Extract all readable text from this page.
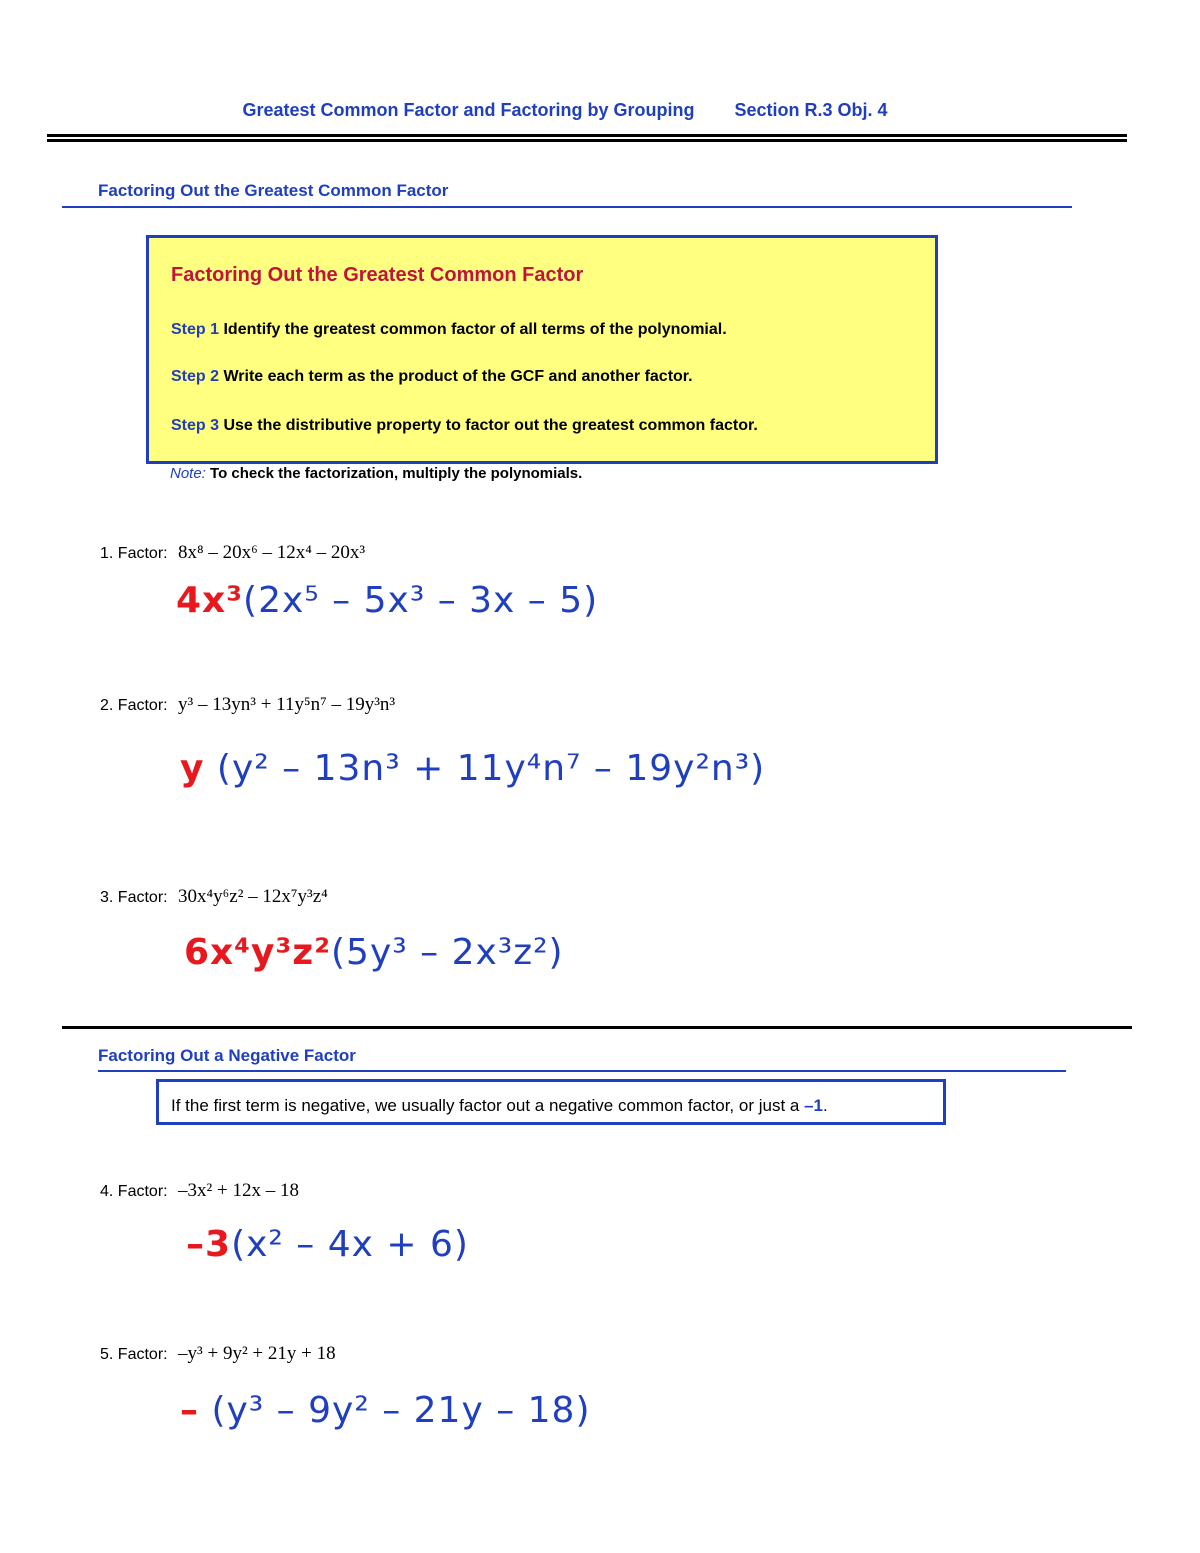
Greatest Common Factor and Factoring by Grouping Section R.3 Obj. 4
Factoring Out the Greatest Common Factor
Factoring Out the Greatest Common Factor
Step 1 Identify the greatest common factor of all terms of the polynomial.
Step 2 Write each term as the product of the GCF and another factor.
Step 3 Use the distributive property to factor out the greatest common factor.
Note: To check the factorization, multiply the polynomials.
1. Factor: 8x⁸ – 20x⁶ – 12x⁴ – 20x³
4x³(2x⁵ – 5x³ – 3x – 5)
2. Factor: y³ – 13yn³ + 11y⁵n⁷ – 19y³n³
y (y² – 13n³ + 11y⁴n⁷ – 19y²n³)
3. Factor: 30x⁴y⁶z² – 12x⁷y³z⁴
6x⁴y³z²(5y³ – 2x³z²)
Factoring Out a Negative Factor
If the first term is negative, we usually factor out a negative common factor, or just a –1.
4. Factor: –3x² + 12x – 18
–3(x² – 4x + 6)
5. Factor: –y³ + 9y² + 21y + 18
– (y³ – 9y² – 21y – 18)
